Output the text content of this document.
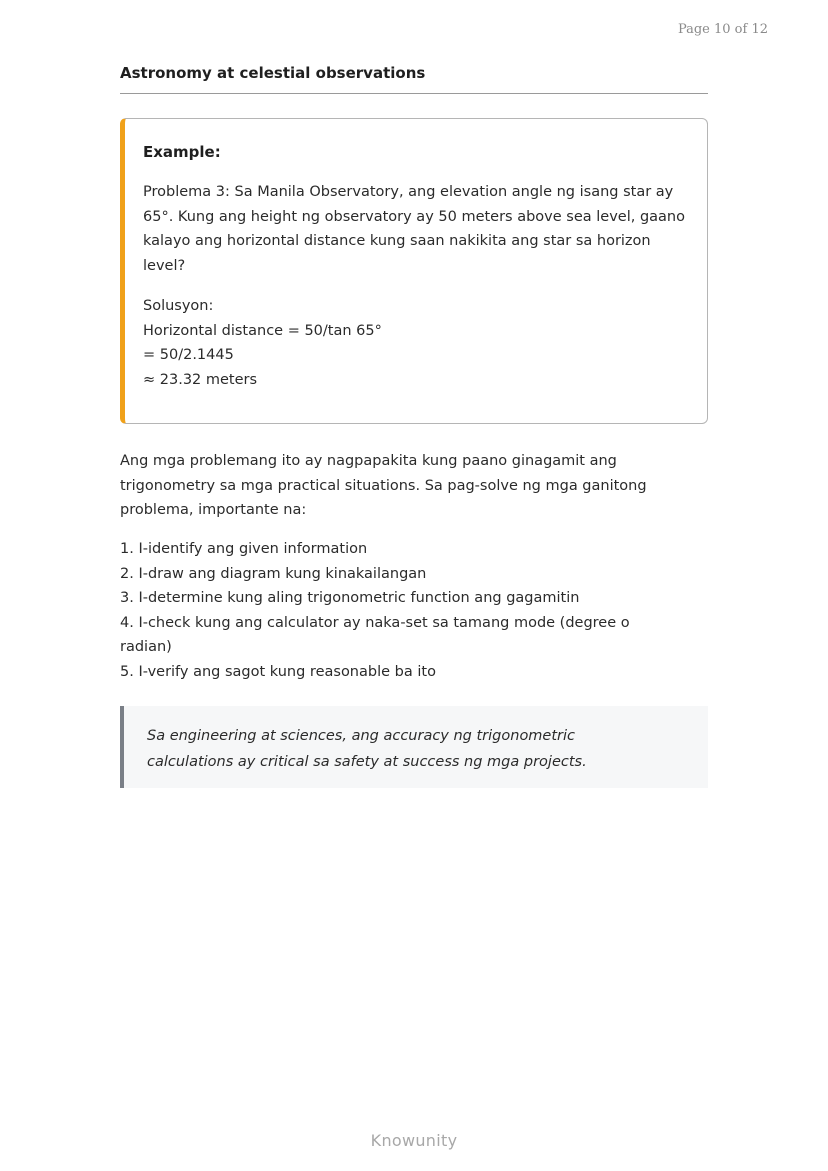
Page 10 of 12
Astronomy at celestial observations

Example:

Problema 3: Sa Manila Observatory, ang elevation angle ng isang star ay 65°. Kung ang height ng observatory ay 50 meters above sea level, gaano kalayo ang horizontal distance kung saan nakikita ang star sa horizon level?

Solusyon:

Horizontal distance = 50/tan 65°

= 50/2.1445

≈ 23.32 meters

Ang mga problemang ito ay nagpapakita kung paano ginagamit ang trigonometry sa mga practical situations. Sa pag-solve ng mga ganitong problema, importante na:

1. I-identify ang given information
2. I-draw ang diagram kung kinakailangan
3. I-determine kung aling trigonometric function ang gagamitin
4. I-check kung ang calculator ay naka-set sa tamang mode (degree o radian)
5. I-verify ang sagot kung reasonable ba ito

Sa engineering at sciences, ang accuracy ng trigonometric

calculations ay critical sa safety at success ng mga projects.

Knowunity
